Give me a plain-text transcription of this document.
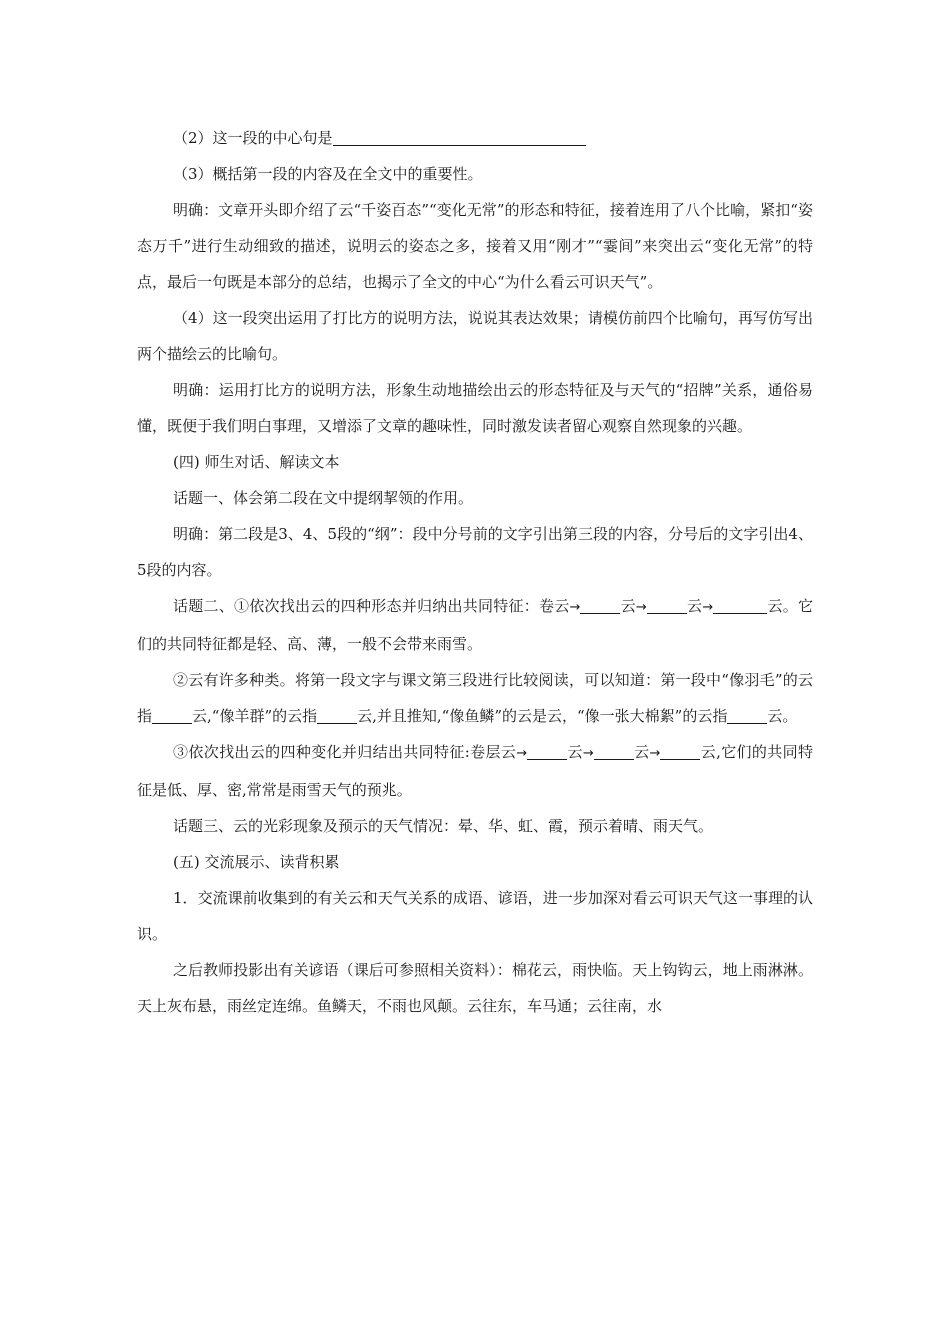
（2）这一段的中心句是

（3）概括第一段的内容及在全文中的重要性。

明确：文章开头即介绍了云“千姿百态”“变化无常”的形态和特征，接着连用了八个比喻，紧扣“姿态万千”进行生动细致的描述，说明云的姿态之多，接着又用“刚才”“霎间”来突出云“变化无常”的特点，最后一句既是本部分的总结，也揭示了全文的中心“为什么看云可识天气”。

（4）这一段突出运用了打比方的说明方法，说说其表达效果；请模仿前四个比喻句，再写仿写出两个描绘云的比喻句。

明确：运用打比方的说明方法，形象生动地描绘出云的形态特征及与天气的“招牌”关系，通俗易懂，既便于我们明白事理，又增添了文章的趣味性，同时激发读者留心观察自然现象的兴趣。

(四) 师生对话、解读文本

话题一、体会第二段在文中提纲挈领的作用。

明确：第二段是3、4、5段的“纲”：段中分号前的文字引出第三段的内容，分号后的文字引出4、5段的内容。

话题二、①依次找出云的四种形态并归纳出共同特征：卷云→	云→	云→	云。它们的共同特征都是轻、高、薄，一般不会带来雨雪。

②云有许多种类。将第一段文字与课文第三段进行比较阅读，可以知道：第一段中“像羽毛”的云指	云,“像羊群”的云指	云,并且推知,“像鱼鳞”的云是云，“像一张大棉絮”的云指	云。

③依次找出云的四种变化并归结出共同特征:卷层云→	云→	云→	云,它们的共同特征是低、厚、密,常常是雨雪天气的预兆。

话题三、云的光彩现象及预示的天气情况：晕、华、虹、霞，预示着晴、雨天气。

(五) 交流展示、读背积累

1．交流课前收集到的有关云和天气关系的成语、谚语，进一步加深对看云可识天气这一事理的认识。

之后教师投影出有关谚语（课后可参照相关资料）：棉花云，雨快临。天上钩钩云，地上雨淋淋。天上灰布悬，雨丝定连绵。鱼鳞天，不雨也风颠。云往东，车马通；云往南，水
